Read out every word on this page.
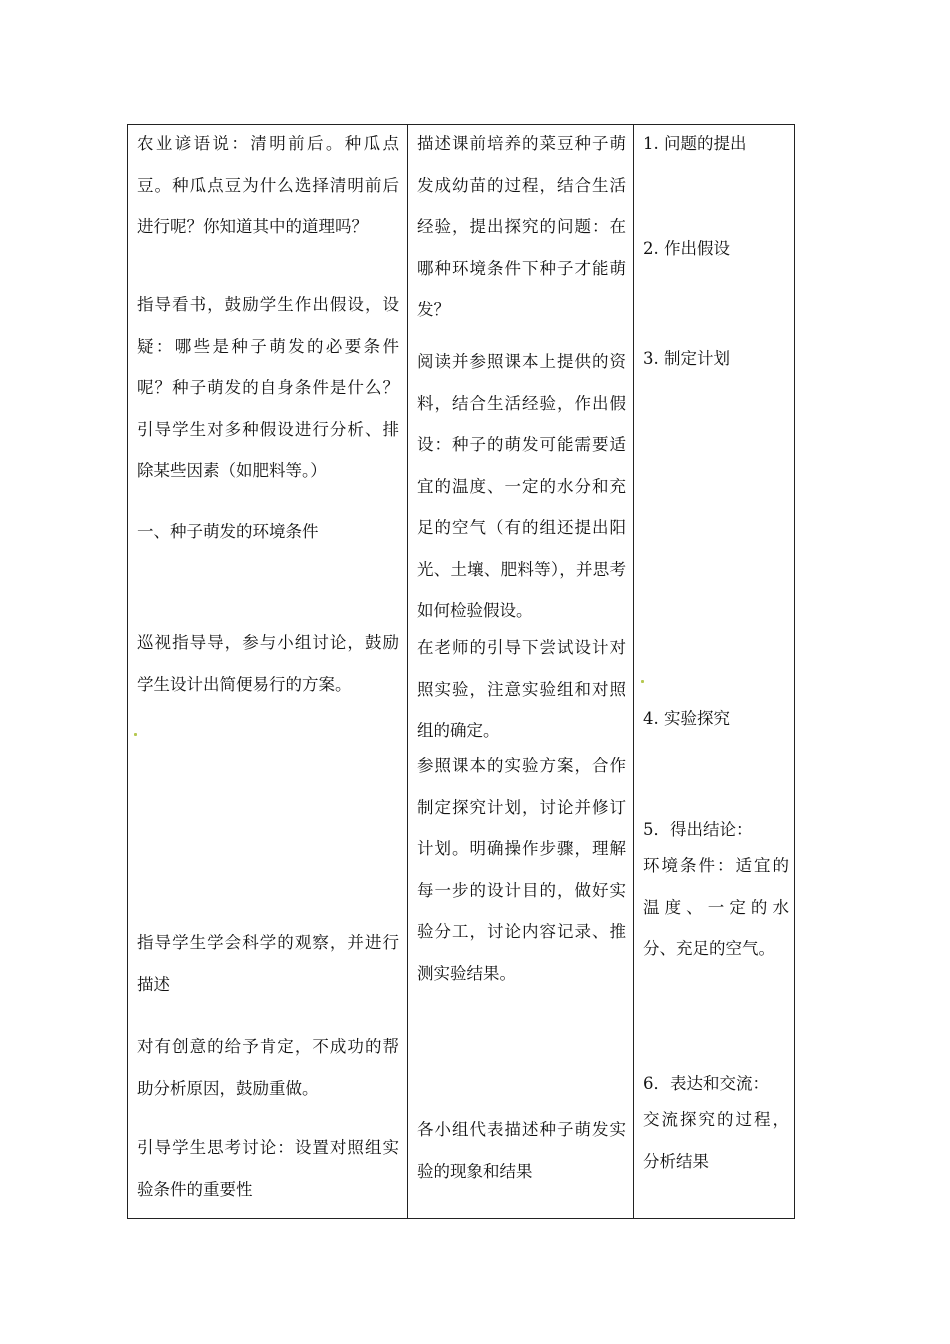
农业谚语说：清明前后。种瓜点豆。种瓜点豆为什么选择清明前后进行呢？你知道其中的道理吗？

指导看书，鼓励学生作出假设，设疑：哪些是种子萌发的必要条件呢？种子萌发的自身条件是什么？引导学生对多种假设进行分析、排除某些因素（如肥料等。）

一、种子萌发的环境条件

巡视指导导，参与小组讨论，鼓励学生设计出简便易行的方案。

指导学生学会科学的观察，并进行描述

对有创意的给予肯定，不成功的帮助分析原因，鼓励重做。

引导学生思考讨论：设置对照组实验条件的重要性

描述课前培养的菜豆种子萌发成幼苗的过程，结合生活经验，提出探究的问题：在哪种环境条件下种子才能萌发？

阅读并参照课本上提供的资料，结合生活经验，作出假设：种子的萌发可能需要适宜的温度、一定的水分和充足的空气（有的组还提出阳光、土壤、肥料等），并思考如何检验假设。

在老师的引导下尝试设计对照实验，注意实验组和对照组的确定。

参照课本的实验方案，合作制定探究计划，讨论并修订计划。明确操作步骤，理解每一步的设计目的，做好实验分工，讨论内容记录、推测实验结果。

各小组代表描述种子萌发实验的现象和结果

1. 问题的提出

2. 作出假设

3. 制定计划

4. 实验探究

5．得出结论：

环境条件：适宜的温度、一定的水分、充足的空气。

6．表达和交流：

交流探究的过程，分析结果
